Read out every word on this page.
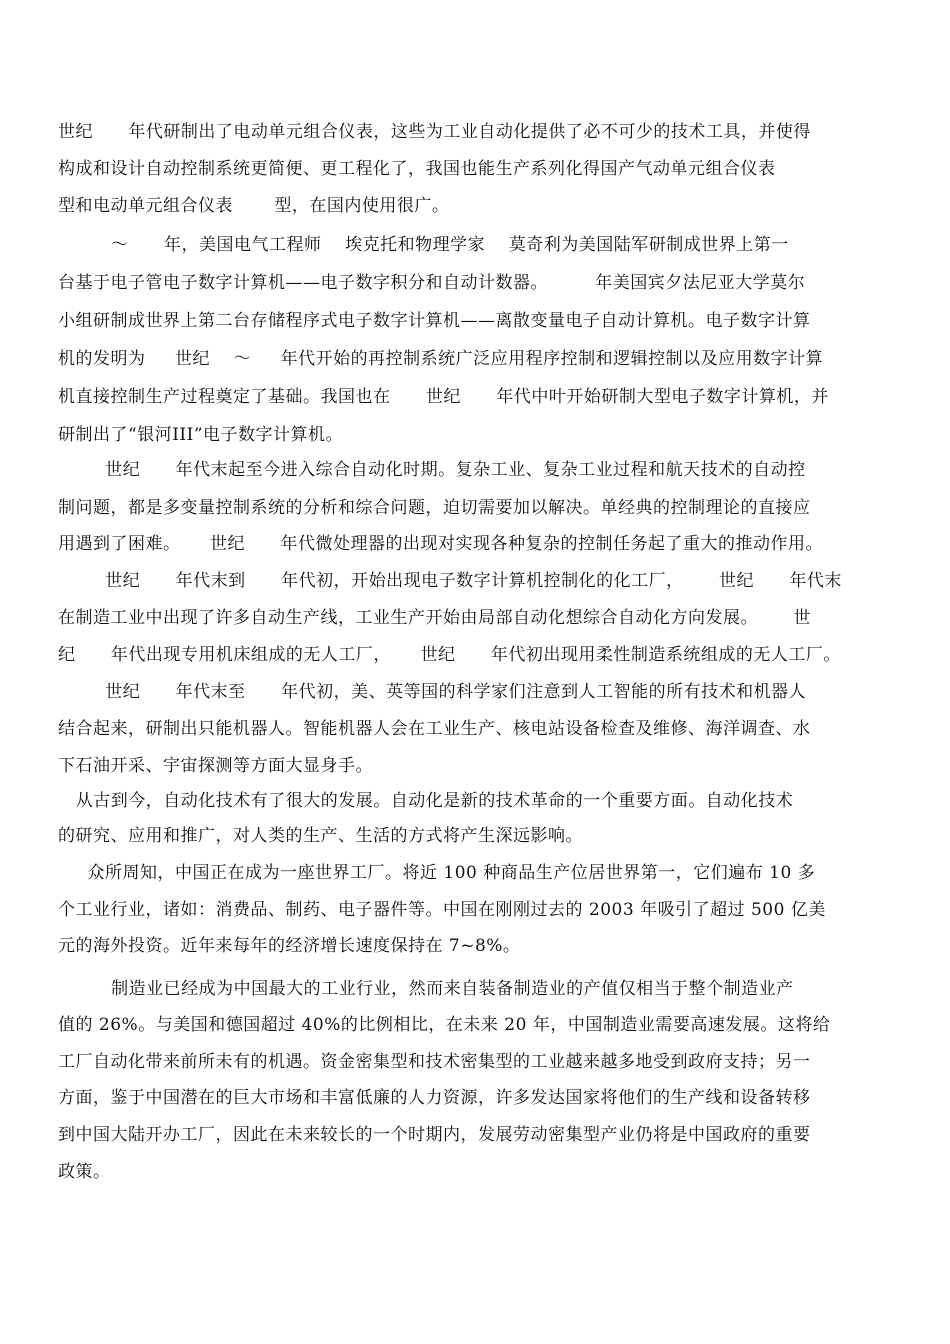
世纪      年代研制出了电动单元组合仪表，这些为工业自动化提供了必不可少的技术工具，并使得
构成和设计自动控制系统更简便、更工程化了，我国也能生产系列化得国产气动单元组合仪表
型和电动单元组合仪表       型，在国内使用很广。
～      年，美国电气工程师    埃克托和物理学家    莫奇利为美国陆军研制成世界上第一
台基于电子管电子数字计算机——电子数字积分和自动计数器。        年美国宾夕法尼亚大学莫尔
小组研制成世界上第二台存储程序式电子数字计算机——离散变量电子自动计算机。电子数字计算
机的发明为     世纪    ～     年代开始的再控制系统广泛应用程序控制和逻辑控制以及应用数字计算
机直接控制生产过程奠定了基础。我国也在      世纪      年代中叶开始研制大型电子数字计算机，并
研制出了“银河III”电子数字计算机。
世纪      年代末起至今进入综合自动化时期。复杂工业、复杂工业过程和航天技术的自动控
制问题，都是多变量控制系统的分析和综合问题，迫切需要加以解决。单经典的控制理论的直接应
用遇到了困难。     世纪      年代微处理器的出现对实现各种复杂的控制任务起了重大的推动作用。
世纪      年代末到      年代初，开始出现电子数字计算机控制化的化工厂，      世纪      年代末
在制造工业中出现了许多自动生产线，工业生产开始由局部自动化想综合自动化方向发展。      世
纪      年代出现专用机床组成的无人工厂，     世纪      年代初出现用柔性制造系统组成的无人工厂。
世纪      年代末至      年代初，美、英等国的科学家们注意到人工智能的所有技术和机器人
结合起来，研制出只能机器人。智能机器人会在工业生产、核电站设备检查及维修、海洋调查、水
下石油开采、宇宙探测等方面大显身手。
从古到今，自动化技术有了很大的发展。自动化是新的技术革命的一个重要方面。自动化技术
的研究、应用和推广，对人类的生产、生活的方式将产生深远影响。
众所周知，中国正在成为一座世界工厂。将近 100 种商品生产位居世界第一，它们遍布 10 多
个工业行业，诸如：消费品、制药、电子器件等。中国在刚刚过去的 2003 年吸引了超过 500 亿美
元的海外投资。近年来每年的经济增长速度保持在 7~8%。
制造业已经成为中国最大的工业行业，然而来自装备制造业的产值仅相当于整个制造业产
值的 26%。与美国和德国超过 40%的比例相比，在未来 20 年，中国制造业需要高速发展。这将给
工厂自动化带来前所未有的机遇。资金密集型和技术密集型的工业越来越多地受到政府支持；另一
方面，鉴于中国潜在的巨大市场和丰富低廉的人力资源，许多发达国家将他们的生产线和设备转移
到中国大陆开办工厂，因此在未来较长的一个时期内，发展劳动密集型产业仍将是中国政府的重要
政策。
